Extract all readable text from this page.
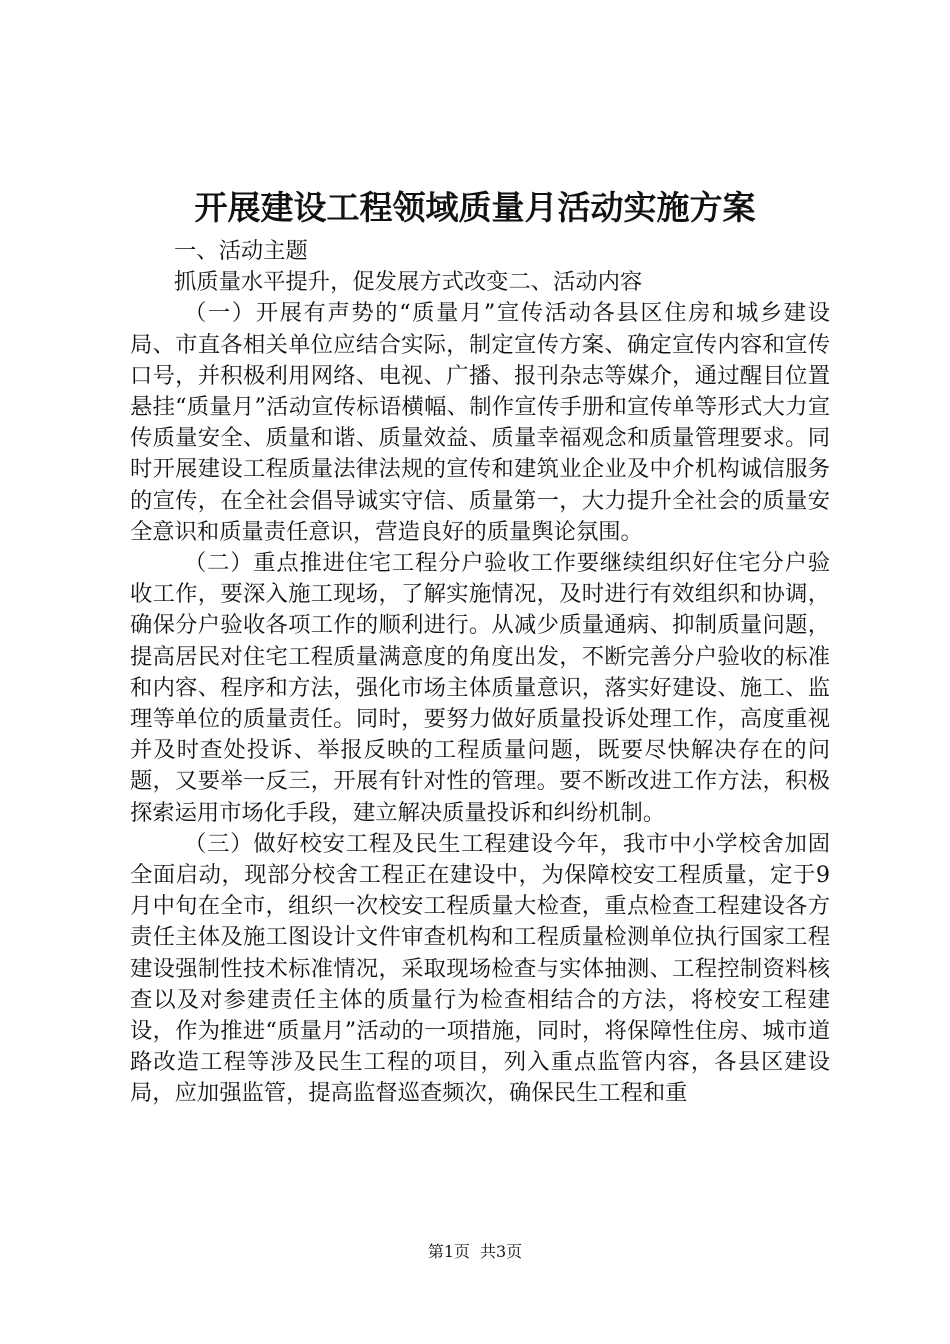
开展建设工程领域质量月活动实施方案

一、活动主题

抓质量水平提升，促发展方式改变二、活动内容

（一）开展有声势的“质量月”宣传活动各县区住房和城乡建设局、市直各相关单位应结合实际，制定宣传方案、确定宣传内容和宣传口号，并积极利用网络、电视、广播、报刊杂志等媒介，通过醒目位置悬挂“质量月”活动宣传标语横幅、制作宣传手册和宣传单等形式大力宣传质量安全、质量和谐、质量效益、质量幸福观念和质量管理要求。同时开展建设工程质量法律法规的宣传和建筑业企业及中介机构诚信服务的宣传，在全社会倡导诚实守信、质量第一，大力提升全社会的质量安全意识和质量责任意识，营造良好的质量舆论氛围。

（二）重点推进住宅工程分户验收工作要继续组织好住宅分户验收工作，要深入施工现场，了解实施情况，及时进行有效组织和协调，确保分户验收各项工作的顺利进行。从减少质量通病、抑制质量问题，提高居民对住宅工程质量满意度的角度出发，不断完善分户验收的标准和内容、程序和方法，强化市场主体质量意识，落实好建设、施工、监理等单位的质量责任。同时，要努力做好质量投诉处理工作，高度重视并及时查处投诉、举报反映的工程质量问题，既要尽快解决存在的问题，又要举一反三，开展有针对性的管理。要不断改进工作方法，积极探索运用市场化手段，建立解决质量投诉和纠纷机制。

（三）做好校安工程及民生工程建设今年，我市中小学校舍加固全面启动，现部分校舍工程正在建设中，为保障校安工程质量，定于9月中旬在全市，组织一次校安工程质量大检查，重点检查工程建设各方责任主体及施工图设计文件审查机构和工程质量检测单位执行国家工程建设强制性技术标准情况，采取现场检查与实体抽测、工程控制资料核查以及对参建责任主体的质量行为检查相结合的方法，将校安工程建设，作为推进“质量月”活动的一项措施，同时，将保障性住房、城市道路改造工程等涉及民生工程的项目，列入重点监管内容，各县区建设局，应加强监管，提高监督巡查频次，确保民生工程和重

第1页 共3页
